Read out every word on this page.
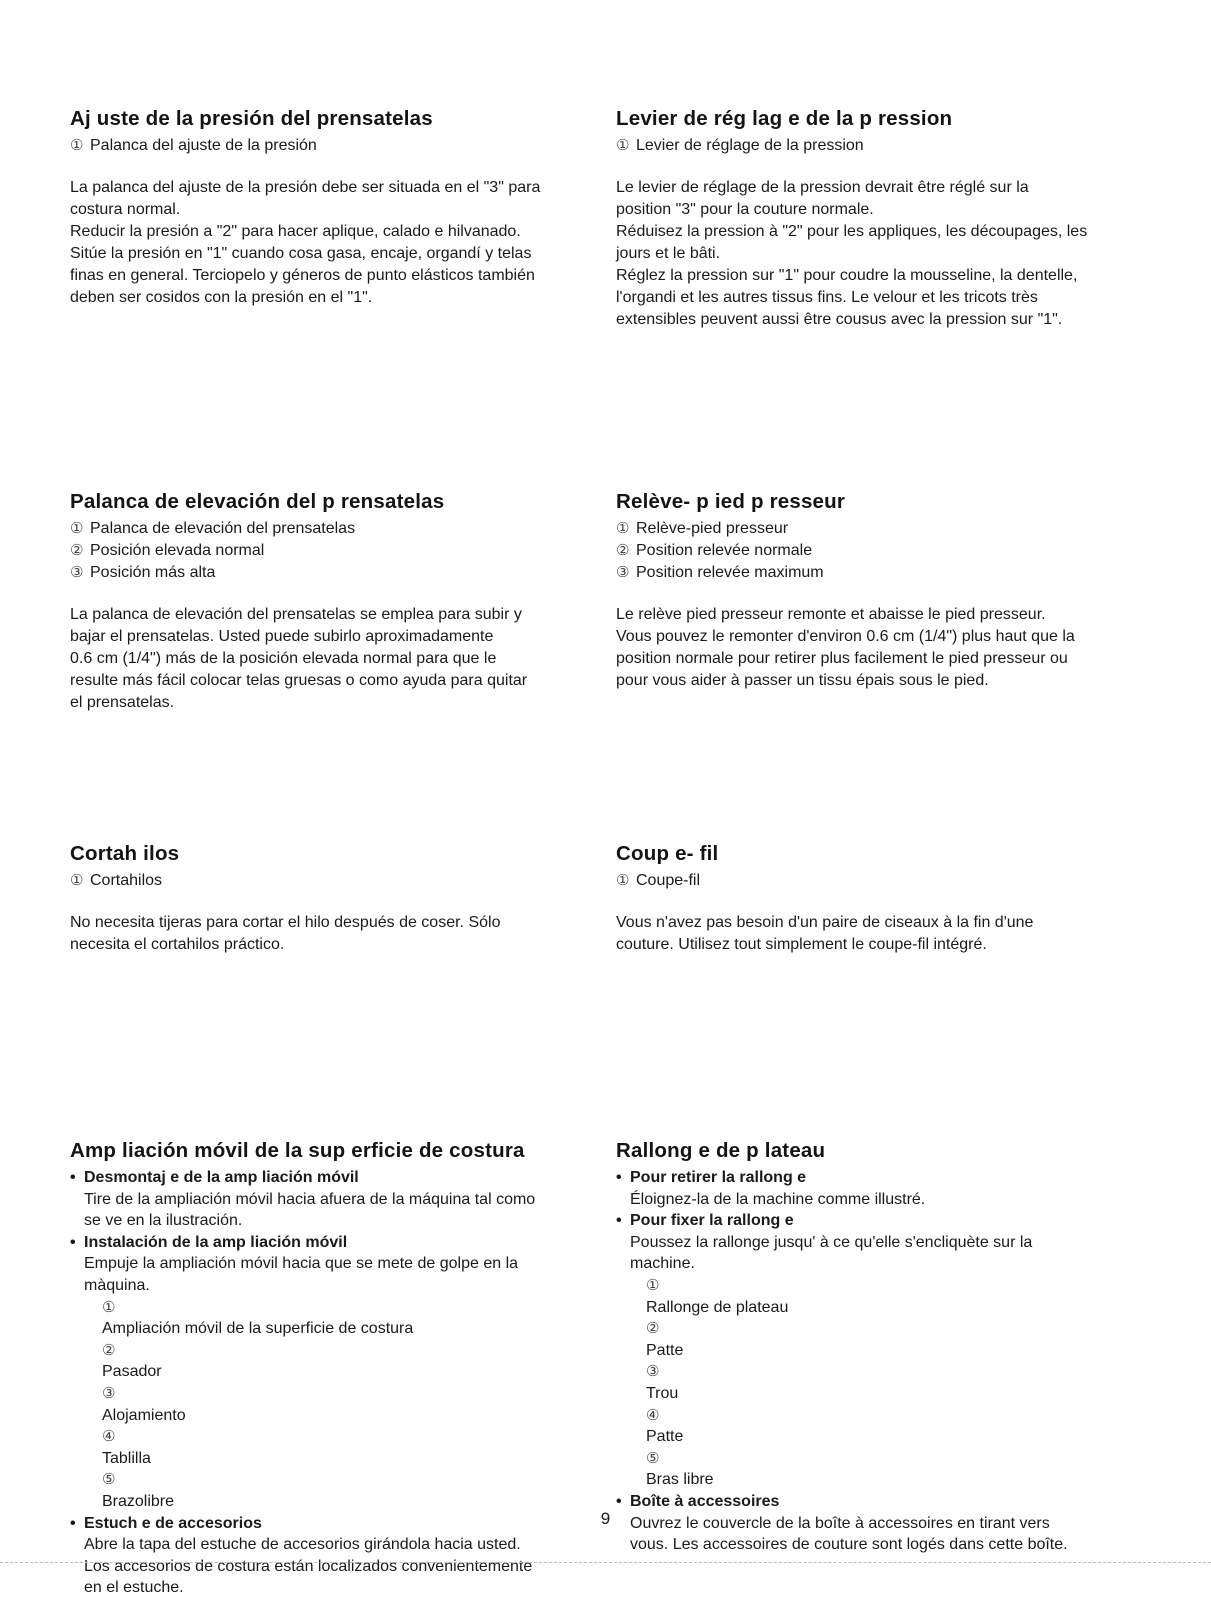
Aj uste de la presión del prensatelas
① Palanca del ajuste de la presión
La palanca del ajuste de la presión debe ser situada en el "3" para
costura normal.
Reducir la presión a "2" para hacer aplique, calado e hilvanado.
Sitúe la presión en "1" cuando cosa gasa, encaje, organdí y telas
finas en general. Terciopelo y géneros de punto elásticos también
deben ser cosidos con la presión en el "1".
Levier de rég lag e de la p ression
① Levier de réglage de la pression
Le levier de réglage de la pression devrait être réglé sur la
position "3" pour la couture normale.
Réduisez la pression à "2" pour les appliques, les découpages, les
jours et le bâti.
Réglez la pression sur "1" pour coudre la mousseline, la dentelle,
l'organdi et les autres tissus fins. Le velour et les tricots très
extensibles peuvent aussi être cousus avec la pression sur "1".
Palanca de elevación del p rensatelas
① Palanca de elevación del prensatelas
② Posición elevada normal
③ Posición más alta
La palanca de elevación del prensatelas se emplea para subir y
bajar el prensatelas. Usted puede subirlo aproximadamente
0.6 cm (1/4") más de la posición elevada normal para que le
resulte más fácil colocar telas gruesas o como ayuda para quitar
el prensatelas.
Relève- p ied p resseur
① Relève-pied presseur
② Position relevée normale
③ Position relevée maximum
Le relève pied presseur remonte et abaisse le pied presseur.
Vous pouvez le remonter d'environ 0.6 cm (1/4") plus haut que la
position normale pour retirer plus facilement le pied presseur ou
pour vous aider à passer un tissu épais sous le pied.
Cortah ilos
① Cortahilos
No necesita tijeras para cortar el hilo después de coser. Sólo
necesita el cortahilos práctico.
Coup e- fil
① Coupe-fil
Vous n'avez pas besoin d'un paire de ciseaux à la fin d'une
couture. Utilisez tout simplement le coupe-fil intégré.
Amp liación móvil de la sup erficie de costura
• Desmontaj e de la amp liación móvil
Tire de la ampliación móvil hacia afuera de la máquina tal como
se ve en la ilustración.
• Instalación de la amp liación móvil
Empuje la ampliación móvil hacia que se mete de golpe en la
màquina.
①
Ampliación móvil de la superficie de costura
②
Pasador
③
Alojamiento
④
Tablilla
⑤
Brazolibre
• Estuch e de accesorios
Abre la tapa del estuche de accesorios girándola hacia usted.
Los accesorios de costura están localizados convenientemente
en el estuche.
Rallong e de p lateau
• Pour retirer la rallong e
Éloignez-la de la machine comme illustré.
• Pour fixer la rallong e
Poussez la rallonge jusqu' à ce qu'elle s'encliquète sur la
machine.
①
Rallonge de plateau
②
Patte
③
Trou
④
Patte
⑤
Bras libre
• Boîte à accessoires
Ouvrez le couvercle de la boîte à accessoires en tirant vers
vous. Les accessoires de couture sont logés dans cette boîte.
9
